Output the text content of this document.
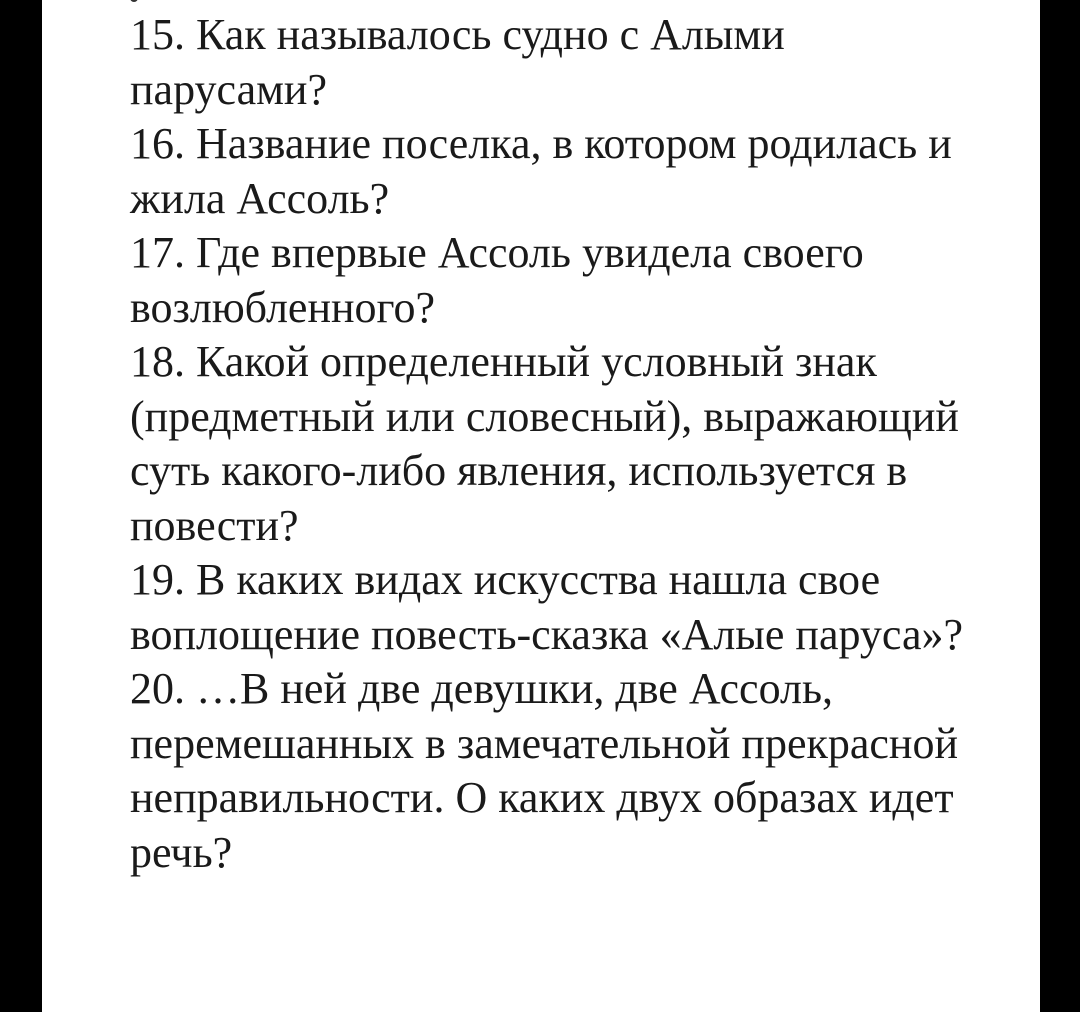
15. Как называлось судно с Алыми парусами?

16. Название поселка, в котором родилась и жила Ассоль?

17. Где впервые Ассоль увидела своего возлюбленного?

18. Какой определенный условный знак (предметный или словесный), выражающий суть какого-либо явления, используется в повести?

19. В каких видах искусства нашла свое воплощение повесть-сказка «Алые паруса»?

20. …В ней две девушки, две Ассоль, перемешанных в замечательной прекрасной неправильности. О каких двух образах идет речь?
